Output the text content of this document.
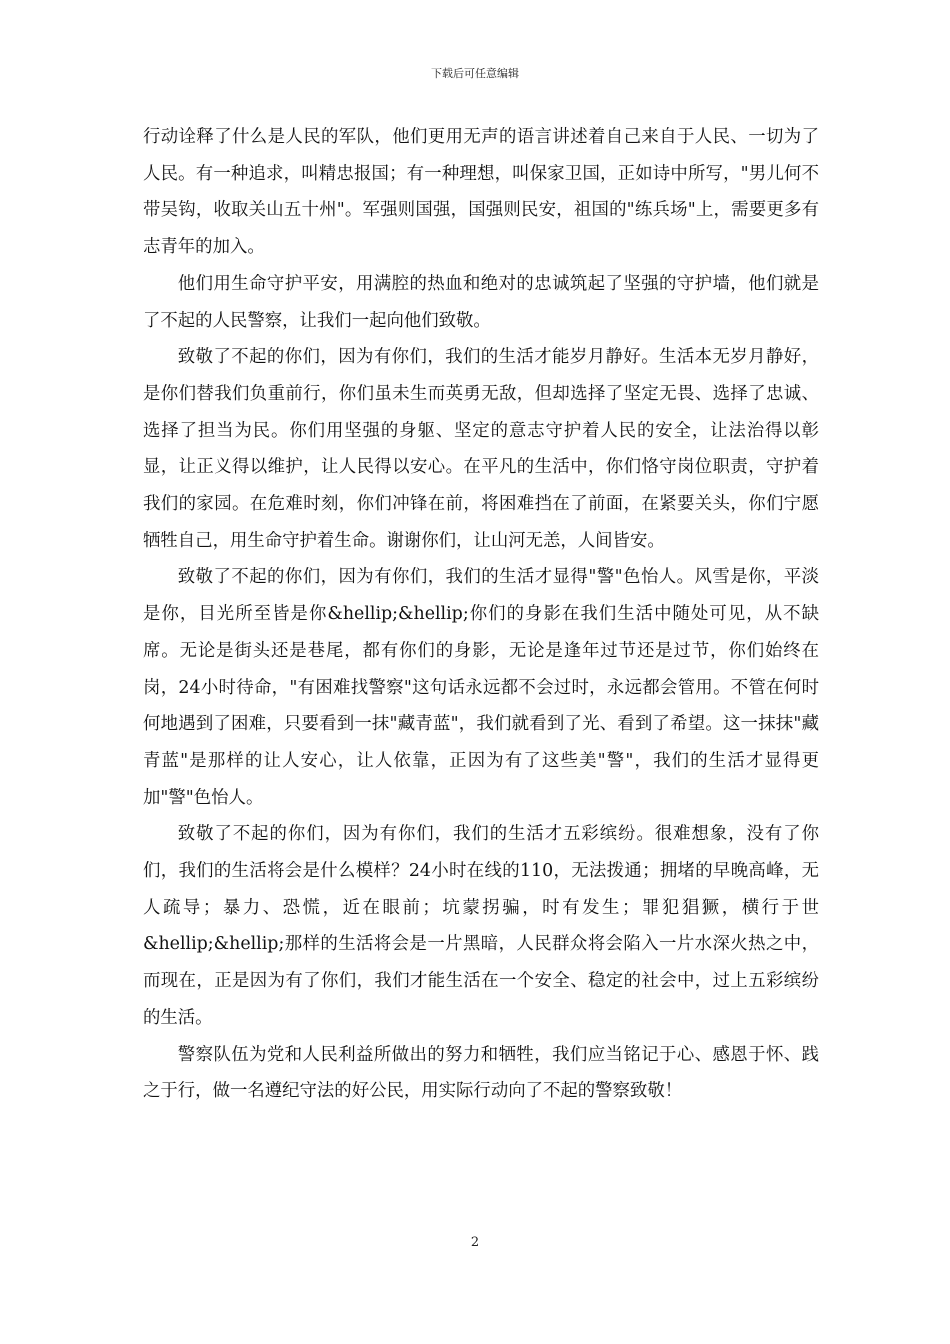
下载后可任意编辑

行动诠释了什么是人民的军队，他们更用无声的语言讲述着自己来自于人民、一切为了人民。有一种追求，叫精忠报国；有一种理想，叫保家卫国，正如诗中所写，"男儿何不带吴钩，收取关山五十州"。军强则国强，国强则民安，祖国的"练兵场"上，需要更多有志青年的加入。

他们用生命守护平安，用满腔的热血和绝对的忠诚筑起了坚强的守护墙，他们就是了不起的人民警察，让我们一起向他们致敬。

致敬了不起的你们，因为有你们，我们的生活才能岁月静好。生活本无岁月静好，是你们替我们负重前行，你们虽未生而英勇无敌，但却选择了坚定无畏、选择了忠诚、选择了担当为民。你们用坚强的身躯、坚定的意志守护着人民的安全，让法治得以彰显，让正义得以维护，让人民得以安心。在平凡的生活中，你们恪守岗位职责，守护着我们的家园。在危难时刻，你们冲锋在前，将困难挡在了前面，在紧要关头，你们宁愿牺牲自己，用生命守护着生命。谢谢你们，让山河无恙，人间皆安。

致敬了不起的你们，因为有你们，我们的生活才显得"警"色怡人。风雪是你，平淡是你，目光所至皆是你&hellip;&hellip;你们的身影在我们生活中随处可见，从不缺席。无论是街头还是巷尾，都有你们的身影，无论是逢年过节还是过节，你们始终在岗，24小时待命，"有困难找警察"这句话永远都不会过时，永远都会管用。不管在何时何地遇到了困难，只要看到一抹"藏青蓝"，我们就看到了光、看到了希望。这一抹抹"藏青蓝"是那样的让人安心，让人依靠，正因为有了这些美"警"，我们的生活才显得更加"警"色怡人。

致敬了不起的你们，因为有你们，我们的生活才五彩缤纷。很难想象，没有了你们，我们的生活将会是什么模样？24小时在线的110，无法拨通；拥堵的早晚高峰，无人疏导；暴力、恐慌，近在眼前；坑蒙拐骗，时有发生；罪犯猖獗，横行于世&hellip;&hellip;那样的生活将会是一片黑暗，人民群众将会陷入一片水深火热之中，而现在，正是因为有了你们，我们才能生活在一个安全、稳定的社会中，过上五彩缤纷的生活。

警察队伍为党和人民利益所做出的努力和牺牲，我们应当铭记于心、感恩于怀、践之于行，做一名遵纪守法的好公民，用实际行动向了不起的警察致敬！

2
